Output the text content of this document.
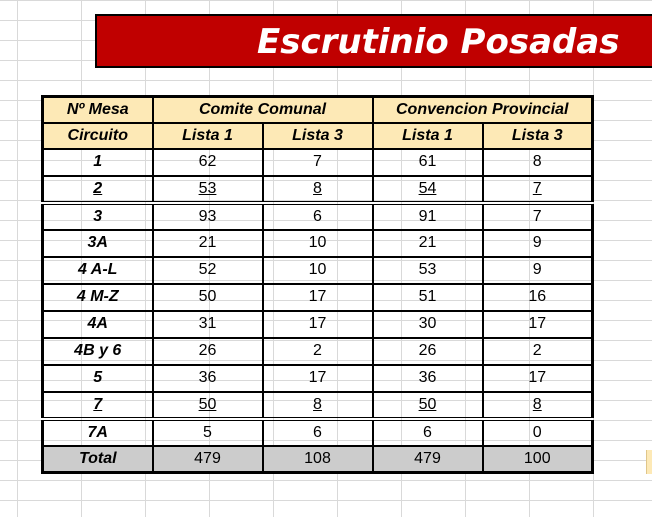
Escrutinio Posadas
Nº Mesa	Comite Comunal		Convencion Provincial	
Circuito	Lista 1	Lista 3	Lista 1	Lista 3
1	62	7	61	8
2	53	8	54	7
3	93	6	91	7
3A	21	10	21	9
4 A-L	52	10	53	9
4 M-Z	50	17	51	16
4A	31	17	30	17
4B y 6	26	2	26	2
5	36	17	36	17
7	50	8	50	8
7A	5	6	6	0
Total	479	108	479	100
